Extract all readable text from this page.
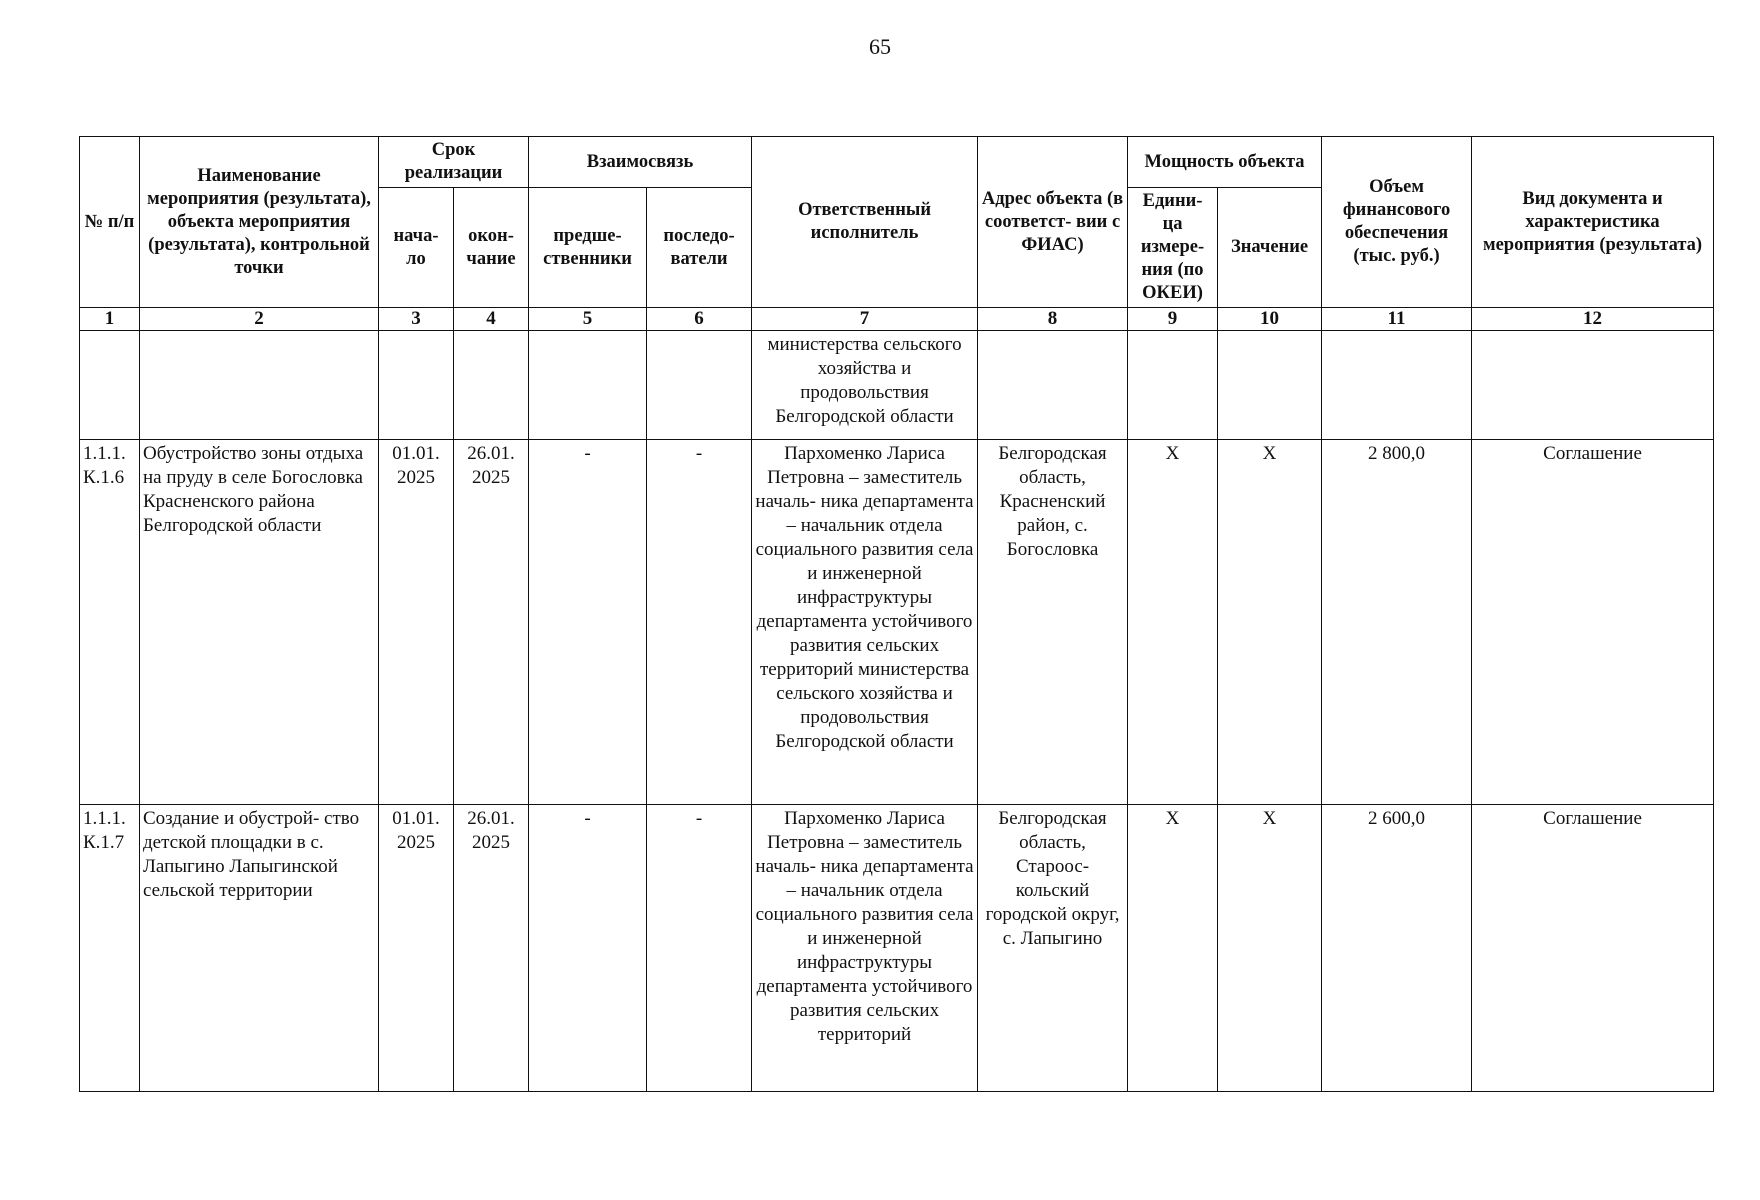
65
№ п/п	Наименование мероприятия (результата), объекта мероприятия (результата), контрольной точки	Срок реализации		Взаимосвязь		Ответственный исполнитель	Адрес объекта (в соответст- вии с ФИАС)	Мощность объекта		Объем финансового обеспечения (тыс. руб.)	Вид документа и характеристика мероприятия (результата)
		нача- ло	окон- чание	предше- ственники	последо- ватели			Едини- ца измере- ния (по ОКЕИ)	Значение		
1	2	3	4	5	6	7	8	9	10	11	12
						министерства сельского хозяйства и продовольствия Белгородской области					
1.1.1. К.1.6	Обустройство зоны отдыха на пруду в селе Богословка Красненского района Белгородской области	01.01. 2025	26.01. 2025	-	-	Пархоменко Лариса Петровна – заместитель началь- ника департамента – начальник отдела социального развития села и инженерной инфраструктуры департамента устойчивого развития сельских территорий министерства сельского хозяйства и продовольствия Белгородской области	Белгородская область, Красненский район, с. Богословка	X	X	2 800,0	Соглашение
1.1.1. К.1.7	Создание и обустрой- ство детской площадки в с. Лапыгино Лапыгинской сельской территории	01.01. 2025	26.01. 2025	-	-	Пархоменко Лариса Петровна – заместитель началь- ника департамента – начальник отдела социального развития села и инженерной инфраструктуры департамента устойчивого развития сельских территорий	Белгородская область, Староос- кольский городской округ, с. Лапыгино	X	X	2 600,0	Соглашение
